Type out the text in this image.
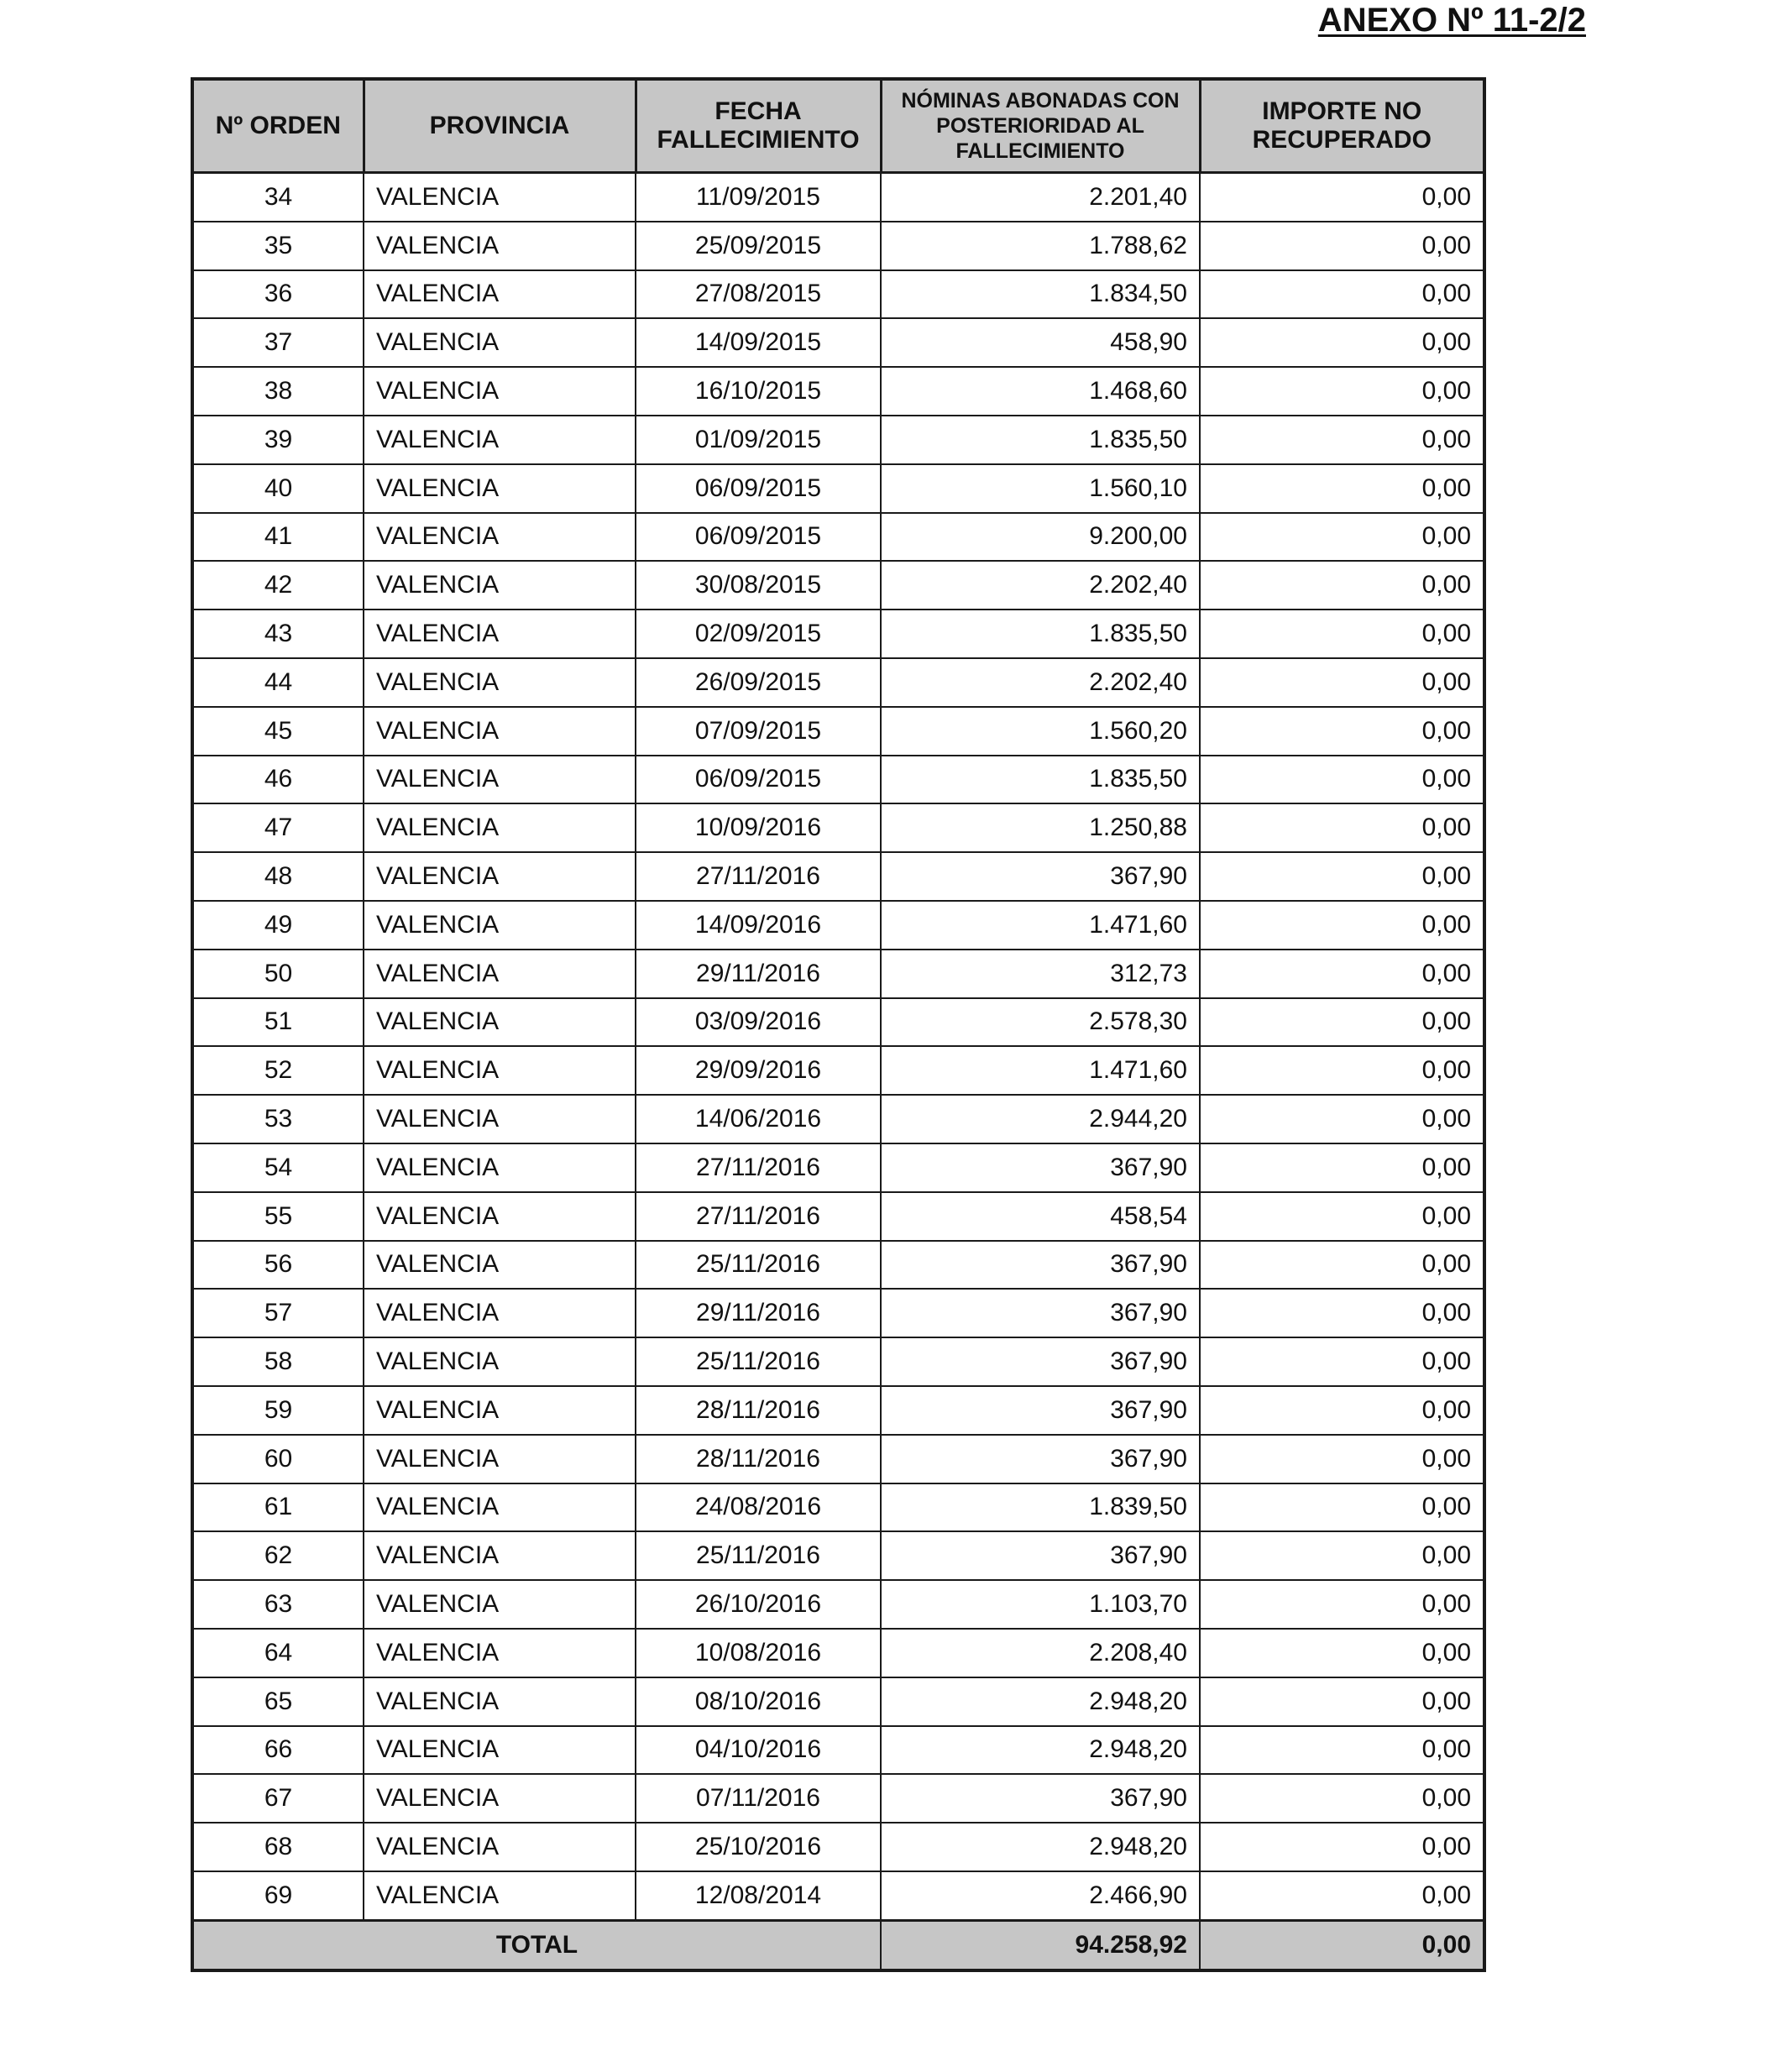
ANEXO Nº 11-2/2
Nº ORDEN	PROVINCIA	FECHA FALLECIMIENTO	NÓMINAS ABONADAS CON POSTERIORIDAD AL FALLECIMIENTO	IMPORTE NO RECUPERADO
34	VALENCIA	11/09/2015	2.201,40	0,00
35	VALENCIA	25/09/2015	1.788,62	0,00
36	VALENCIA	27/08/2015	1.834,50	0,00
37	VALENCIA	14/09/2015	458,90	0,00
38	VALENCIA	16/10/2015	1.468,60	0,00
39	VALENCIA	01/09/2015	1.835,50	0,00
40	VALENCIA	06/09/2015	1.560,10	0,00
41	VALENCIA	06/09/2015	9.200,00	0,00
42	VALENCIA	30/08/2015	2.202,40	0,00
43	VALENCIA	02/09/2015	1.835,50	0,00
44	VALENCIA	26/09/2015	2.202,40	0,00
45	VALENCIA	07/09/2015	1.560,20	0,00
46	VALENCIA	06/09/2015	1.835,50	0,00
47	VALENCIA	10/09/2016	1.250,88	0,00
48	VALENCIA	27/11/2016	367,90	0,00
49	VALENCIA	14/09/2016	1.471,60	0,00
50	VALENCIA	29/11/2016	312,73	0,00
51	VALENCIA	03/09/2016	2.578,30	0,00
52	VALENCIA	29/09/2016	1.471,60	0,00
53	VALENCIA	14/06/2016	2.944,20	0,00
54	VALENCIA	27/11/2016	367,90	0,00
55	VALENCIA	27/11/2016	458,54	0,00
56	VALENCIA	25/11/2016	367,90	0,00
57	VALENCIA	29/11/2016	367,90	0,00
58	VALENCIA	25/11/2016	367,90	0,00
59	VALENCIA	28/11/2016	367,90	0,00
60	VALENCIA	28/11/2016	367,90	0,00
61	VALENCIA	24/08/2016	1.839,50	0,00
62	VALENCIA	25/11/2016	367,90	0,00
63	VALENCIA	26/10/2016	1.103,70	0,00
64	VALENCIA	10/08/2016	2.208,40	0,00
65	VALENCIA	08/10/2016	2.948,20	0,00
66	VALENCIA	04/10/2016	2.948,20	0,00
67	VALENCIA	07/11/2016	367,90	0,00
68	VALENCIA	25/10/2016	2.948,20	0,00
69	VALENCIA	12/08/2014	2.466,90	0,00
TOTAL			94.258,92	0,00
